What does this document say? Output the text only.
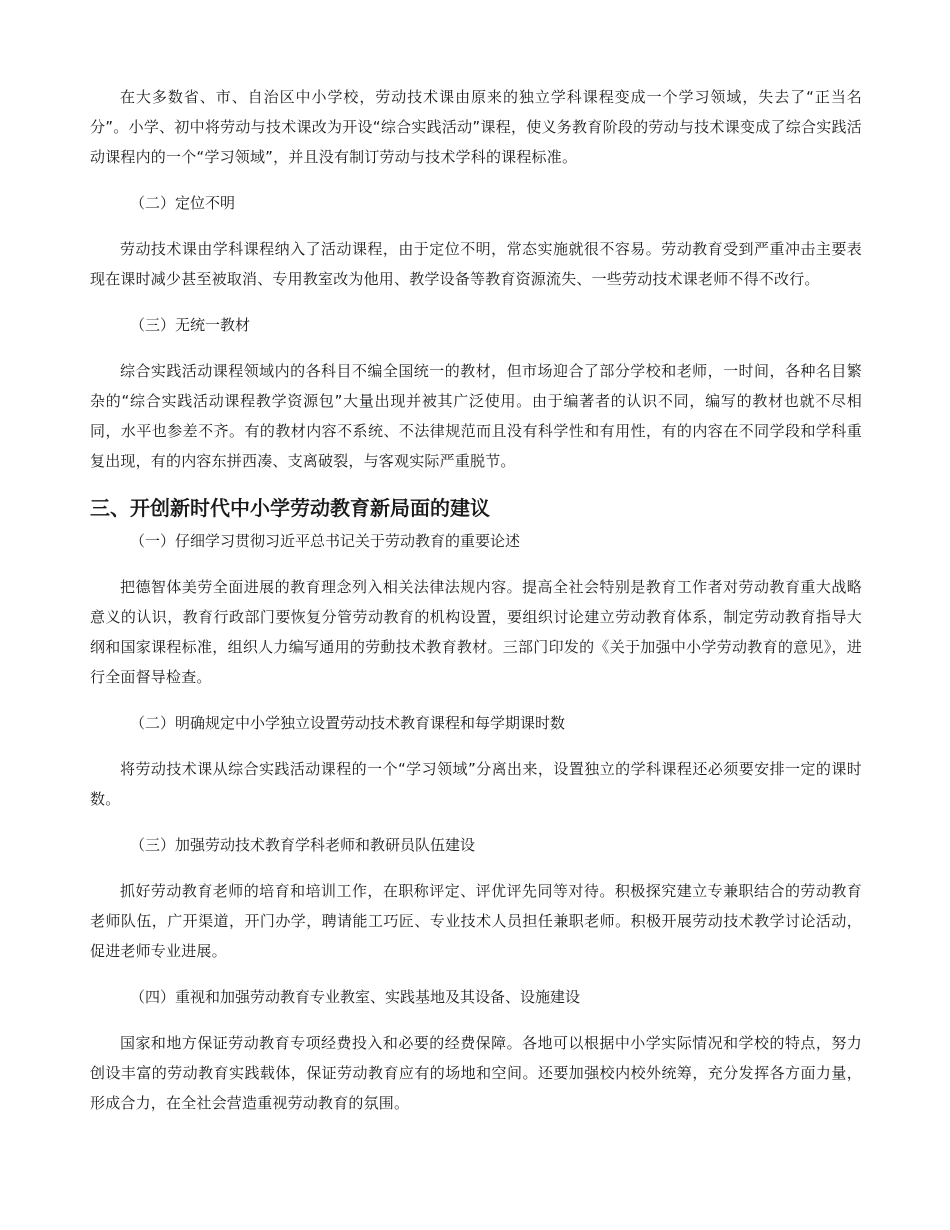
在大多数省、市、自治区中小学校，劳动技术课由原来的独立学科课程变成一个学习领域，失去了“正当名分”。小学、初中将劳动与技术课改为开设“综合实践活动”课程，使义务教育阶段的劳动与技术课变成了综合实践活动课程内的一个“学习领域”，并且没有制订劳动与技术学科的课程标准。

（二）定位不明

劳动技术课由学科课程纳入了活动课程，由于定位不明，常态实施就很不容易。劳动教育受到严重冲击主要表现在课时减少甚至被取消、专用教室改为他用、教学设备等教育资源流失、一些劳动技术课老师不得不改行。

（三）无统一教材

综合实践活动课程领域内的各科目不编全国统一的教材，但市场迎合了部分学校和老师，一时间，各种名目繁杂的“综合实践活动课程教学资源包”大量出现并被其广泛使用。由于编著者的认识不同，编写的教材也就不尽相同，水平也参差不齐。有的教材内容不系统、不法律规范而且没有科学性和有用性，有的内容在不同学段和学科重复出现，有的内容东拼西凑、支离破裂，与客观实际严重脱节。

三、开创新时代中小学劳动教育新局面的建议

（一）仔细学习贯彻习近平总书记关于劳动教育的重要论述

把德智体美劳全面进展的教育理念列入相关法律法规内容。提高全社会特别是教育工作者对劳动教育重大战略意义的认识，教育行政部门要恢复分管劳动教育的机构设置，要组织讨论建立劳动教育体系，制定劳动教育指导大纲和国家课程标准，组织人力编写通用的劳動技术教育教材。三部门印发的《关于加强中小学劳动教育的意见》，进行全面督导检查。

（二）明确规定中小学独立设置劳动技术教育课程和每学期课时数

将劳动技术课从综合实践活动课程的一个“学习领域”分离出来，设置独立的学科课程还必须要安排一定的课时数。

（三）加强劳动技术教育学科老师和教研员队伍建设

抓好劳动教育老师的培育和培训工作，在职称评定、评优评先同等对待。积极探究建立专兼职结合的劳动教育老师队伍，广开渠道，开门办学，聘请能工巧匠、专业技术人员担任兼职老师。积极开展劳动技术教学讨论活动，促进老师专业进展。

（四）重视和加强劳动教育专业教室、实践基地及其设备、设施建设

国家和地方保证劳动教育专项经费投入和必要的经费保障。各地可以根据中小学实际情况和学校的特点，努力创设丰富的劳动教育实践载体，保证劳动教育应有的场地和空间。还要加强校内校外统筹，充分发挥各方面力量，形成合力，在全社会营造重视劳动教育的氛围。
